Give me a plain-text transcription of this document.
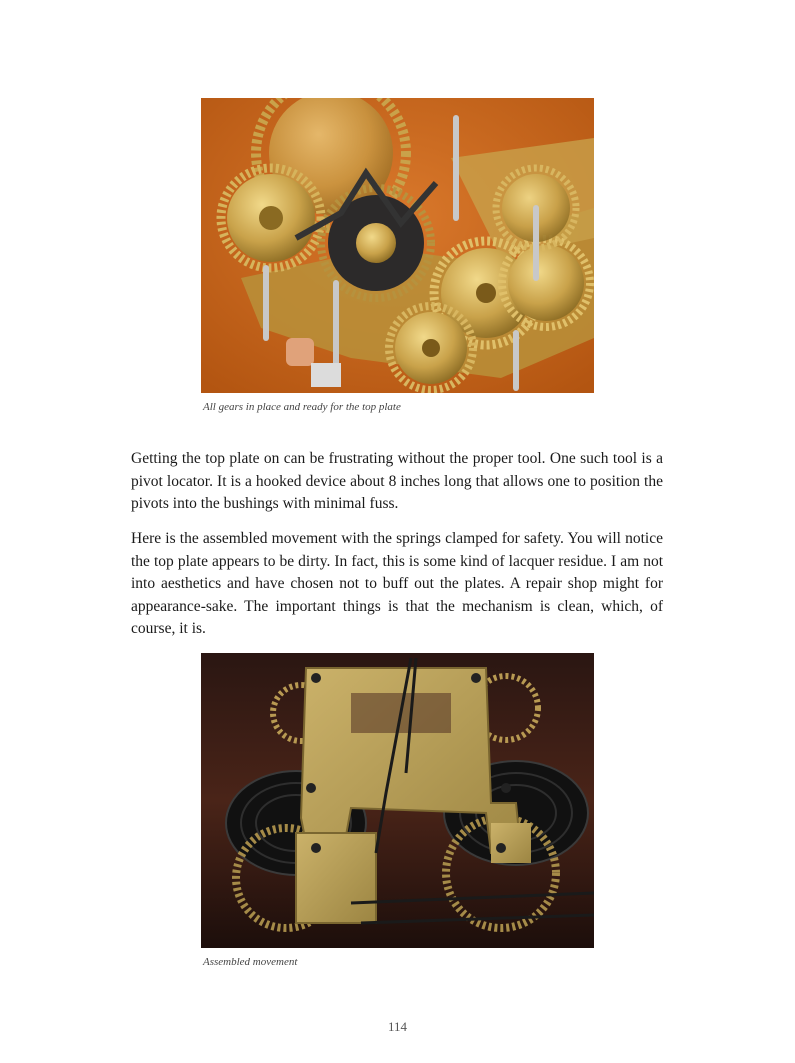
All gears in place and ready for the top plate

Getting the top plate on can be frustrating without the proper tool. One such tool is a pivot locator. It is a hooked device about 8 inches long that allows one to position the pivots into the bushings with minimal fuss.

Here is the assembled movement with the springs clamped for safety. You will notice the top plate appears to be dirty. In fact, this is some kind of lacquer residue. I am not into aesthetics and have chosen not to buff out the plates. A repair shop might for appearance-sake. The important things is that the mechanism is clean, which, of course, it is.

Assembled movement
114
